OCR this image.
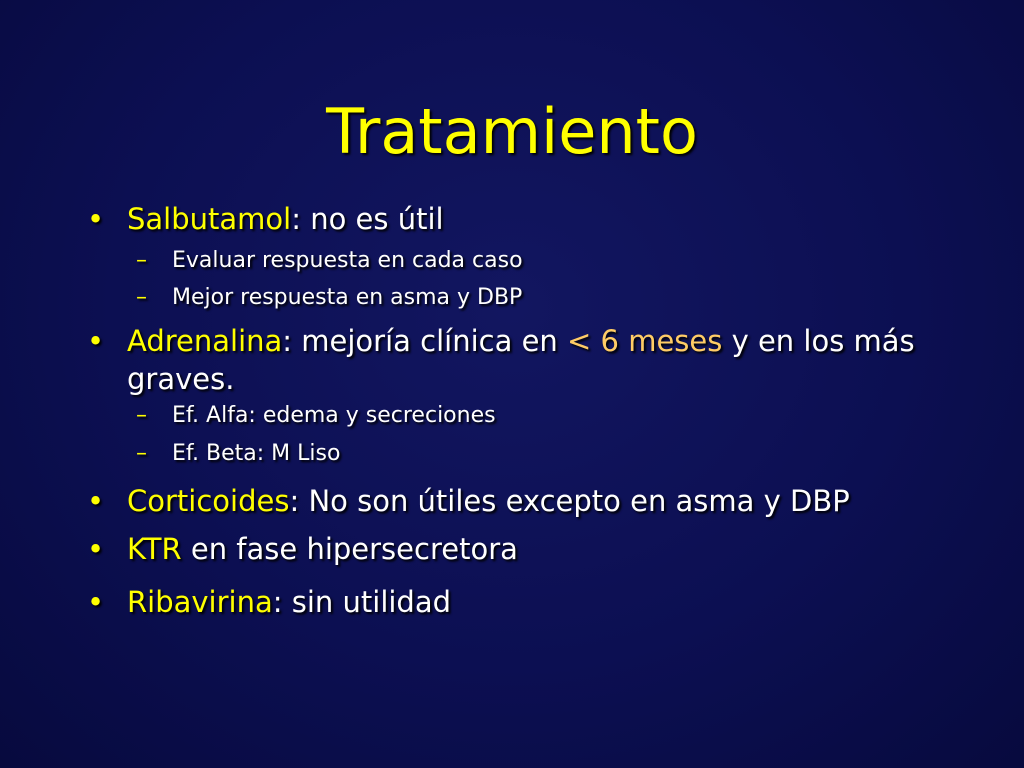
Tratamiento
• Salbutamol: no es útil
– Evaluar respuesta en cada caso
– Mejor respuesta en asma y DBP
• Adrenalina: mejoría clínica en < 6 meses y en los más
graves.
– Ef. Alfa: edema y secreciones
– Ef. Beta: M Liso
• Corticoides: No son útiles excepto en asma y DBP
• KTR en fase hipersecretora
• Ribavirina: sin utilidad
